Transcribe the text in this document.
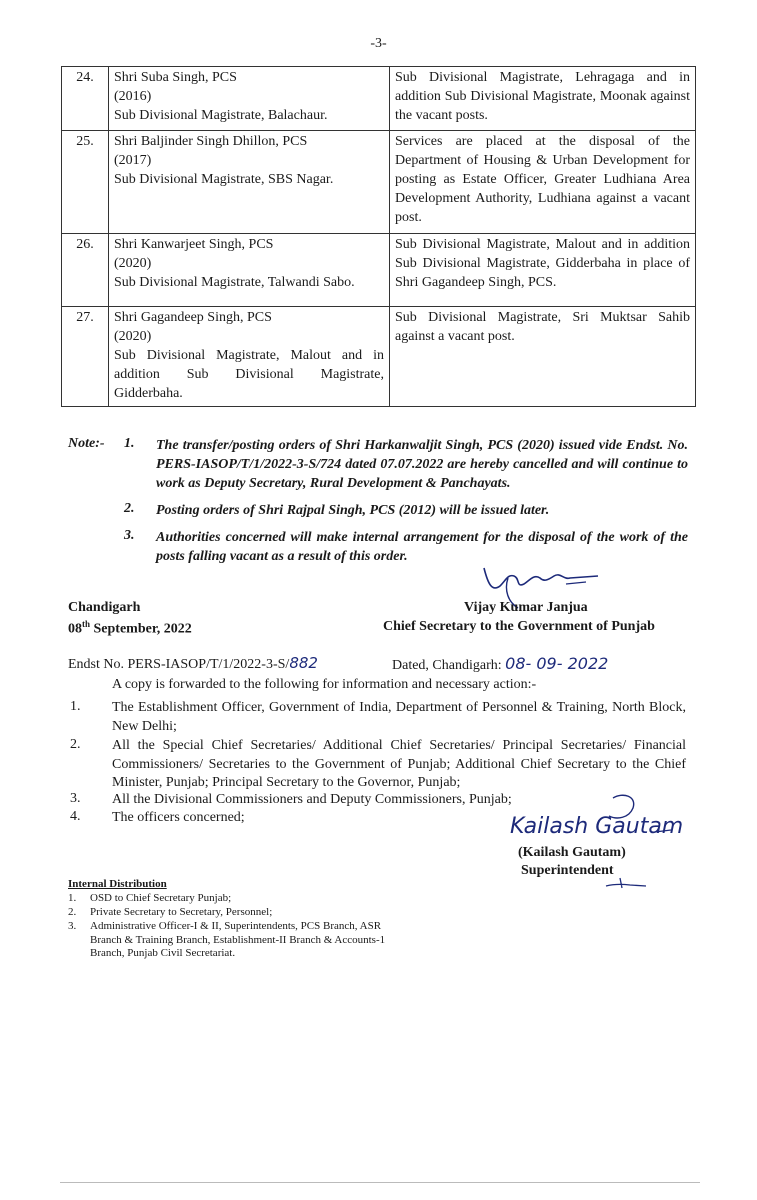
-3-
24.	Shri Suba Singh, PCS
(2016)
Sub Divisional Magistrate, Balachaur.	Sub Divisional Magistrate, Lehragaga and in addition Sub Divisional Magistrate, Moonak against the vacant posts.
25.	Shri Baljinder Singh Dhillon, PCS
(2017)
Sub Divisional Magistrate, SBS Nagar.	Services are placed at the disposal of the Department of Housing & Urban Development for posting as Estate Officer, Greater Ludhiana Area Development Authority, Ludhiana against a vacant post.
26.	Shri Kanwarjeet Singh, PCS
(2020)
Sub Divisional Magistrate, Talwandi Sabo.	Sub Divisional Magistrate, Malout and in addition Sub Divisional Magistrate, Gidderbaha in place of Shri Gagandeep Singh, PCS.
27.	Shri Gagandeep Singh, PCS
(2020)
Sub Divisional Magistrate, Malout and in addition Sub Divisional Magistrate, Gidderbaha.	Sub Divisional Magistrate, Sri Muktsar Sahib against a vacant post.
Note:- 1. The transfer/posting orders of Shri Harkanwaljit Singh, PCS (2020) issued vide Endst. No. PERS-IASOP/T/1/2022-3-S/724 dated 07.07.2022 are hereby cancelled and will continue to work as Deputy Secretary, Rural Development & Panchayats.
2. Posting orders of Shri Rajpal Singh, PCS (2012) will be issued later.
3. Authorities concerned will make internal arrangement for the disposal of the work of the posts falling vacant as a result of this order.
Chandigarh
08th September, 2022
Vijay Kumar Janjua
Chief Secretary to the Government of Punjab
Endst No. PERS-IASOP/T/1/2022-3-S/882	Dated, Chandigarh: 08- 09- 2022
A copy is forwarded to the following for information and necessary action:-
1. The Establishment Officer, Government of India, Department of Personnel & Training, North Block, New Delhi;
2. All the Special Chief Secretaries/ Additional Chief Secretaries/ Principal Secretaries/ Financial Commissioners/ Secretaries to the Government of Punjab; Additional Chief Secretary to the Chief Minister, Punjab; Principal Secretary to the Governor, Punjab;
3. All the Divisional Commissioners and Deputy Commissioners, Punjab;
4. The officers concerned;	Kailash Gautam
(Kailash Gautam)
Superintendent
Internal Distribution
1. OSD to Chief Secretary Punjab;
2. Private Secretary to Secretary, Personnel;
3. Administrative Officer-I & II, Superintendents, PCS Branch, ASR Branch & Training Branch, Establishment-II Branch & Accounts-1 Branch, Punjab Civil Secretariat.
